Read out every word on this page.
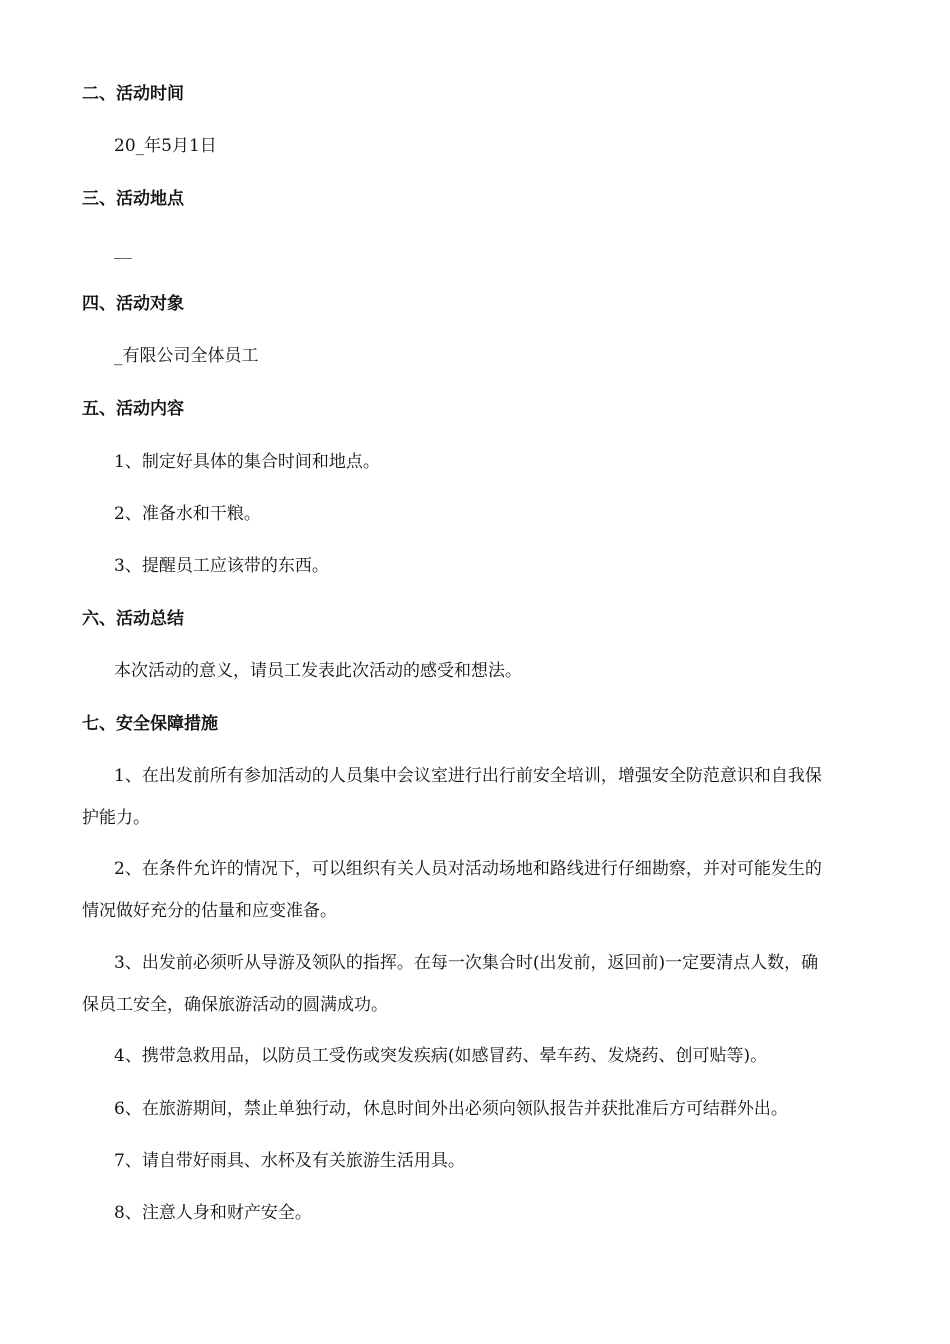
二、活动时间
20_年5月1日
三、活动地点
四、活动对象
_有限公司全体员工
五、活动内容
1、制定好具体的集合时间和地点。
2、准备水和干粮。
3、提醒员工应该带的东西。
六、活动总结
本次活动的意义，请员工发表此次活动的感受和想法。
七、安全保障措施
1、在出发前所有参加活动的人员集中会议室进行出行前安全培训，增强安全防范意识和自我保
护能力。
2、在条件允许的情况下，可以组织有关人员对活动场地和路线进行仔细勘察，并对可能发生的
情况做好充分的估量和应变准备。
3、出发前必须听从导游及领队的指挥。在每一次集合时(出发前，返回前)一定要清点人数，确
保员工安全，确保旅游活动的圆满成功。
4、携带急救用品，以防员工受伤或突发疾病(如感冒药、晕车药、发烧药、创可贴等)。
6、在旅游期间，禁止单独行动，休息时间外出必须向领队报告并获批准后方可结群外出。
7、请自带好雨具、水杯及有关旅游生活用具。
8、注意人身和财产安全。
